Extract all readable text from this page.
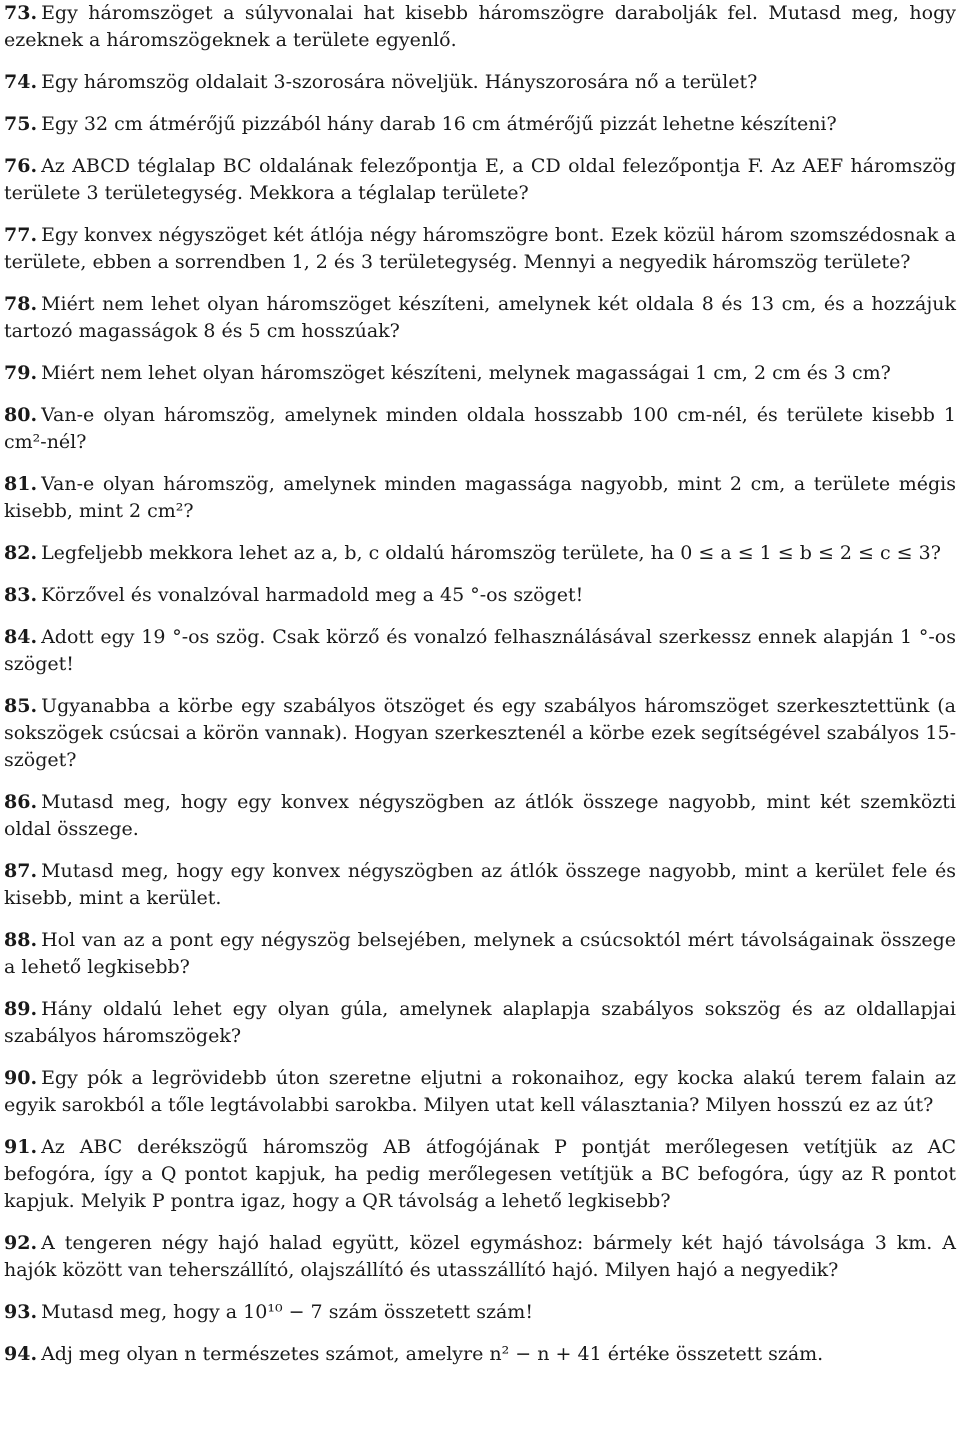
73. Egy háromszöget a súlyvonalai hat kisebb háromszögre darabolják fel. Mutasd meg, hogy ezeknek a háromszögeknek a területe egyenlő.
74. Egy háromszög oldalait 3-szorosára növeljük. Hányszorosára nő a terület?
75. Egy 32 cm átmérőjű pizzából hány darab 16 cm átmérőjű pizzát lehetne készíteni?
76. Az ABCD téglalap BC oldalának felezőpontja E, a CD oldal felezőpontja F. Az AEF háromszög területe 3 területegység. Mekkora a téglalap területe?
77. Egy konvex négyszöget két átlója négy háromszögre bont. Ezek közül három szomszédosnak a területe, ebben a sorrendben 1, 2 és 3 területegység. Mennyi a negyedik háromszög területe?
78. Miért nem lehet olyan háromszöget készíteni, amelynek két oldala 8 és 13 cm, és a hozzájuk tartozó magasságok 8 és 5 cm hosszúak?
79. Miért nem lehet olyan háromszöget készíteni, melynek magasságai 1 cm, 2 cm és 3 cm?
80. Van-e olyan háromszög, amelynek minden oldala hosszabb 100 cm-nél, és területe kisebb 1 cm²-nél?
81. Van-e olyan háromszög, amelynek minden magassága nagyobb, mint 2 cm, a területe mégis kisebb, mint 2 cm²?
82. Legfeljebb mekkora lehet az a, b, c oldalú háromszög területe, ha 0 ≤ a ≤ 1 ≤ b ≤ 2 ≤ c ≤ 3?
83. Körzővel és vonalzóval harmadold meg a 45 °-os szöget!
84. Adott egy 19 °-os szög. Csak körző és vonalzó felhasználásával szerkessz ennek alapján 1 °-os szöget!
85. Ugyanabba a körbe egy szabályos ötszöget és egy szabályos háromszöget szerkesztettünk (a sokszögek csúcsai a körön vannak). Hogyan szerkesztenél a körbe ezek segítségével szabályos 15-szöget?
86. Mutasd meg, hogy egy konvex négyszögben az átlók összege nagyobb, mint két szemközti oldal összege.
87. Mutasd meg, hogy egy konvex négyszögben az átlók összege nagyobb, mint a kerület fele és kisebb, mint a kerület.
88. Hol van az a pont egy négyszög belsejében, melynek a csúcsoktól mért távolságainak összege a lehető legkisebb?
89. Hány oldalú lehet egy olyan gúla, amelynek alaplapja szabályos sokszög és az oldallapjai szabályos háromszögek?
90. Egy pók a legrövidebb úton szeretne eljutni a rokonaihoz, egy kocka alakú terem falain az egyik sarokból a tőle legtávolabbi sarokba. Milyen utat kell választania? Milyen hosszú ez az út?
91. Az ABC derékszögű háromszög AB átfogójának P pontját merőlegesen vetítjük az AC befogóra, így a Q pontot kapjuk, ha pedig merőlegesen vetítjük a BC befogóra, úgy az R pontot kapjuk. Melyik P pontra igaz, hogy a QR távolság a lehető legkisebb?
92. A tengeren négy hajó halad együtt, közel egymáshoz: bármely két hajó távolsága 3 km. A hajók között van teherszállító, olajszállító és utasszállító hajó. Milyen hajó a negyedik?
93. Mutasd meg, hogy a 10¹⁰ − 7 szám összetett szám!
94. Adj meg olyan n természetes számot, amelyre n² − n + 41 értéke összetett szám.
